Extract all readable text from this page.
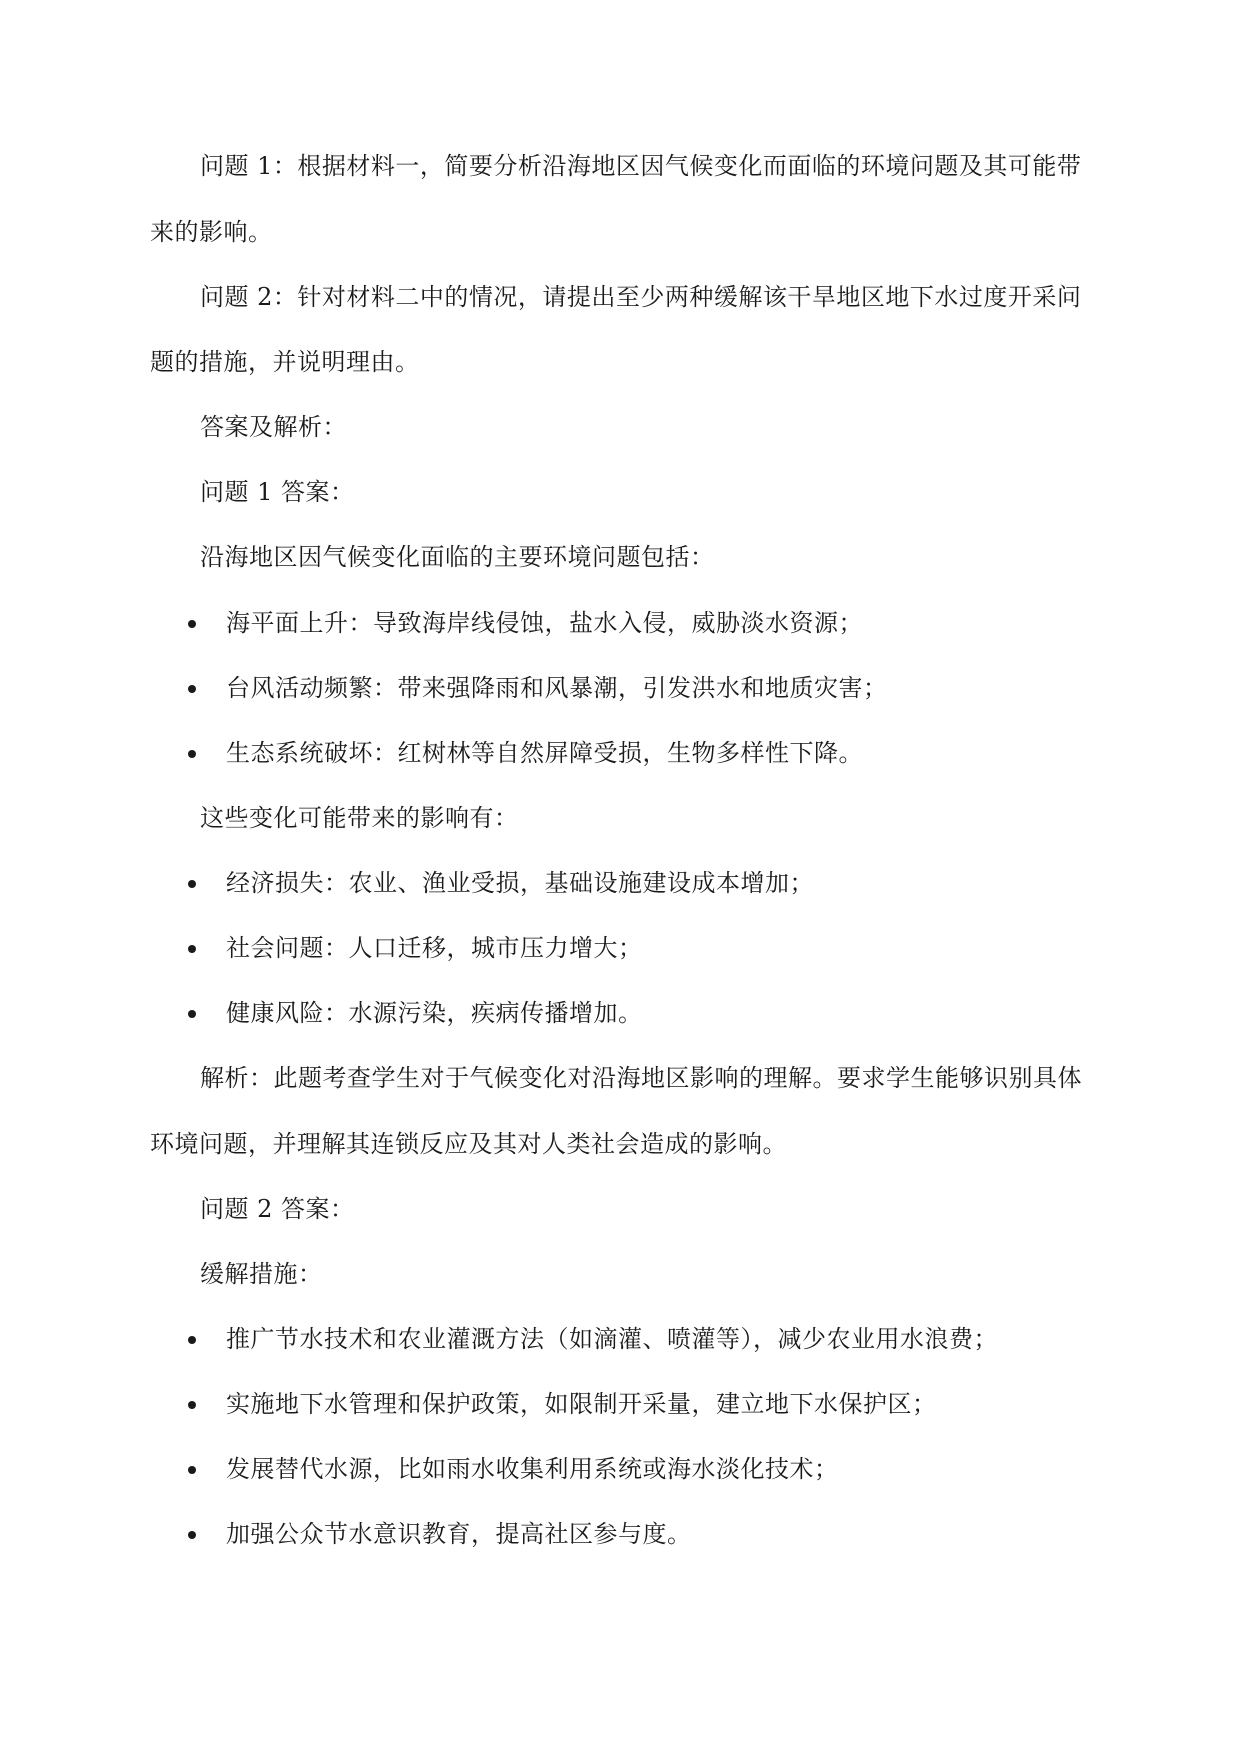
问题 1：根据材料一，简要分析沿海地区因气候变化而面临的环境问题及其可能带
来的影响。
问题 2：针对材料二中的情况，请提出至少两种缓解该干旱地区地下水过度开采问
题的措施，并说明理由。
答案及解析：
问题 1 答案：
沿海地区因气候变化面临的主要环境问题包括：
海平面上升：导致海岸线侵蚀，盐水入侵，威胁淡水资源；
台风活动频繁：带来强降雨和风暴潮，引发洪水和地质灾害；
生态系统破坏：红树林等自然屏障受损，生物多样性下降。
这些变化可能带来的影响有：
经济损失：农业、渔业受损，基础设施建设成本增加；
社会问题：人口迁移，城市压力增大；
健康风险：水源污染，疾病传播增加。
解析：此题考查学生对于气候变化对沿海地区影响的理解。要求学生能够识别具体
环境问题，并理解其连锁反应及其对人类社会造成的影响。
问题 2 答案：
缓解措施：
推广节水技术和农业灌溉方法（如滴灌、喷灌等），减少农业用水浪费；
实施地下水管理和保护政策，如限制开采量，建立地下水保护区；
发展替代水源，比如雨水收集利用系统或海水淡化技术；
加强公众节水意识教育，提高社区参与度。
